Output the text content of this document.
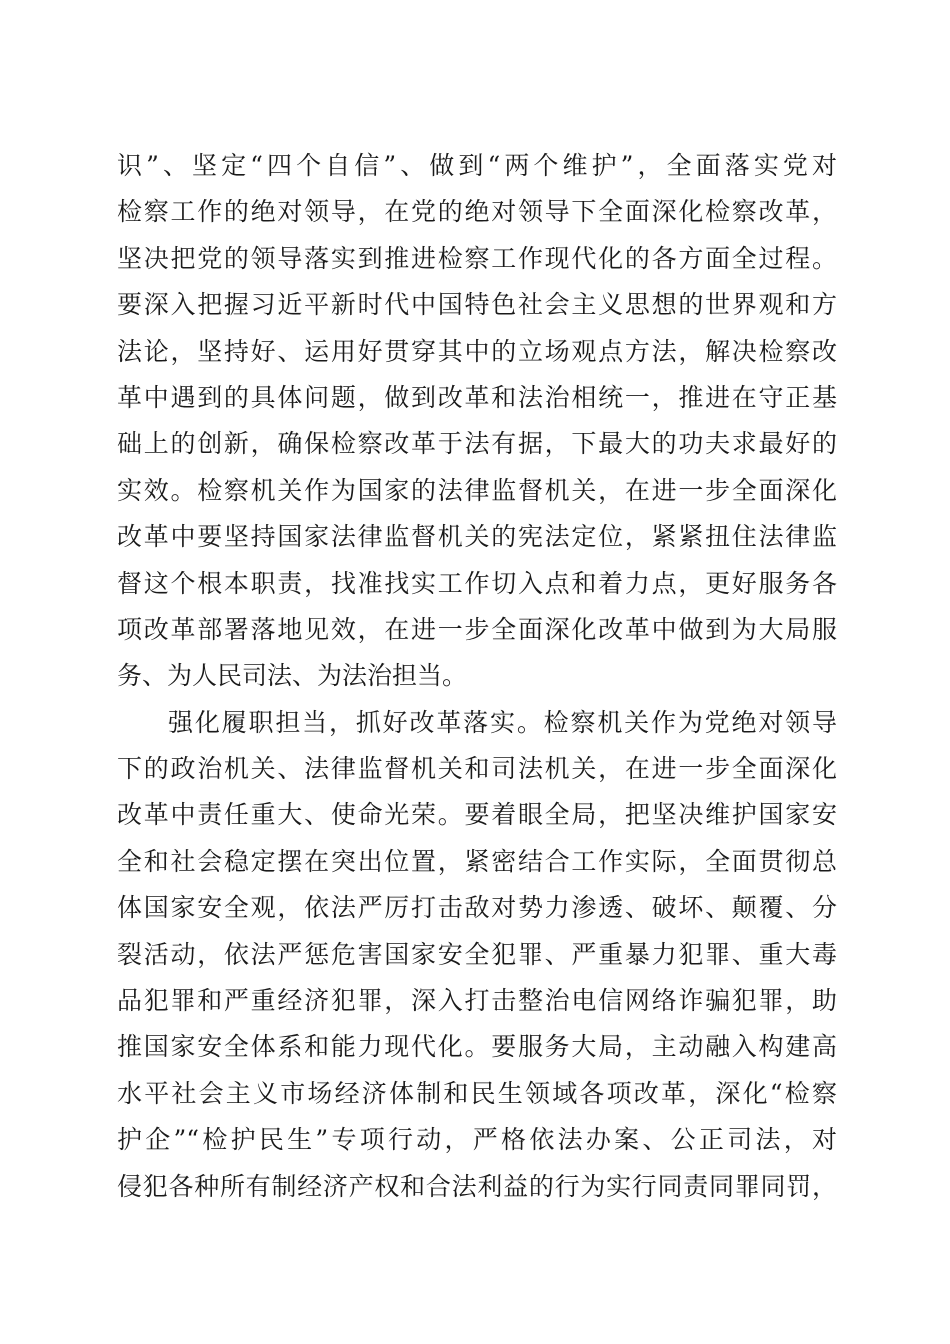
识”、坚定“四个自信”、做到“两个维护”，全面落实党对
检察工作的绝对领导，在党的绝对领导下全面深化检察改革，
坚决把党的领导落实到推进检察工作现代化的各方面全过程。
要深入把握习近平新时代中国特色社会主义思想的世界观和方
法论，坚持好、运用好贯穿其中的立场观点方法，解决检察改
革中遇到的具体问题，做到改革和法治相统一，推进在守正基
础上的创新，确保检察改革于法有据，下最大的功夫求最好的
实效。检察机关作为国家的法律监督机关，在进一步全面深化
改革中要坚持国家法律监督机关的宪法定位，紧紧扭住法律监
督这个根本职责，找准找实工作切入点和着力点，更好服务各
项改革部署落地见效，在进一步全面深化改革中做到为大局服
务、为人民司法、为法治担当。
强化履职担当，抓好改革落实。检察机关作为党绝对领导
下的政治机关、法律监督机关和司法机关，在进一步全面深化
改革中责任重大、使命光荣。要着眼全局，把坚决维护国家安
全和社会稳定摆在突出位置，紧密结合工作实际，全面贯彻总
体国家安全观，依法严厉打击敌对势力渗透、破坏、颠覆、分
裂活动，依法严惩危害国家安全犯罪、严重暴力犯罪、重大毒
品犯罪和严重经济犯罪，深入打击整治电信网络诈骗犯罪，助
推国家安全体系和能力现代化。要服务大局，主动融入构建高
水平社会主义市场经济体制和民生领域各项改革，深化“检察
护企”“检护民生”专项行动，严格依法办案、公正司法，对
侵犯各种所有制经济产权和合法利益的行为实行同责同罪同罚，
